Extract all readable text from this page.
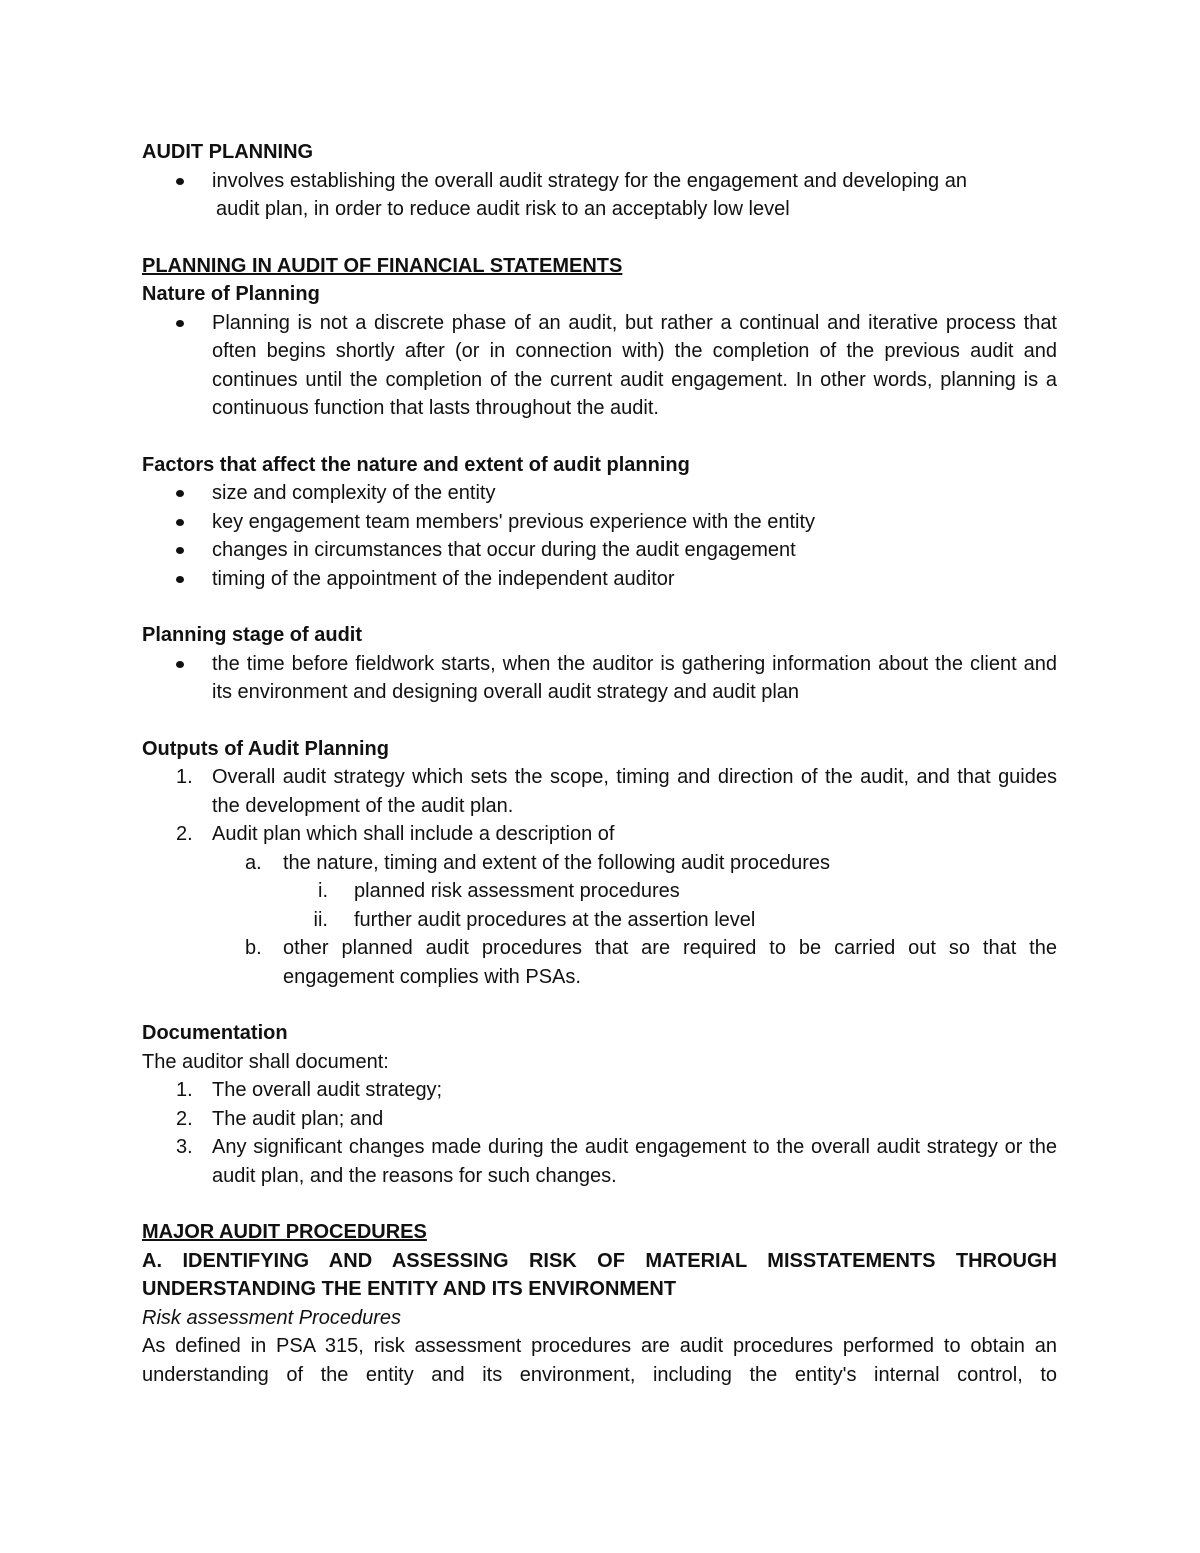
AUDIT PLANNING

involves establishing the overall audit strategy for the engagement and developing an
audit plan, in order to reduce audit risk to an acceptably low level

PLANNING IN AUDIT OF FINANCIAL STATEMENTS

Nature of Planning

Planning is not a discrete phase of an audit, but rather a continual and iterative process that often begins shortly after (or in connection with) the completion of the previous audit and continues until the completion of the current audit engagement. In other words, planning is a continuous function that lasts throughout the audit.

Factors that affect the nature and extent of audit planning

size and complexity of the entity
key engagement team members' previous experience with the entity
changes in circumstances that occur during the audit engagement
timing of the appointment of the independent auditor

Planning stage of audit

the time before fieldwork starts, when the auditor is gathering information about the client and its environment and designing overall audit strategy and audit plan

Outputs of Audit Planning

1. Overall audit strategy which sets the scope, timing and direction of the audit, and that guides the development of the audit plan.
2. Audit plan which shall include a description of
a. the nature, timing and extent of the following audit procedures
i. planned risk assessment procedures
ii. further audit procedures at the assertion level
b. other planned audit procedures that are required to be carried out so that the engagement complies with PSAs.

Documentation

The auditor shall document:

1. The overall audit strategy;
2. The audit plan; and
3. Any significant changes made during the audit engagement to the overall audit strategy or the audit plan, and the reasons for such changes.

MAJOR AUDIT PROCEDURES

A. IDENTIFYING AND ASSESSING RISK OF MATERIAL MISSTATEMENTS THROUGH UNDERSTANDING THE ENTITY AND ITS ENVIRONMENT

Risk assessment Procedures

As defined in PSA 315, risk assessment procedures are audit procedures performed to obtain an understanding of the entity and its environment, including the entity's internal control, to
